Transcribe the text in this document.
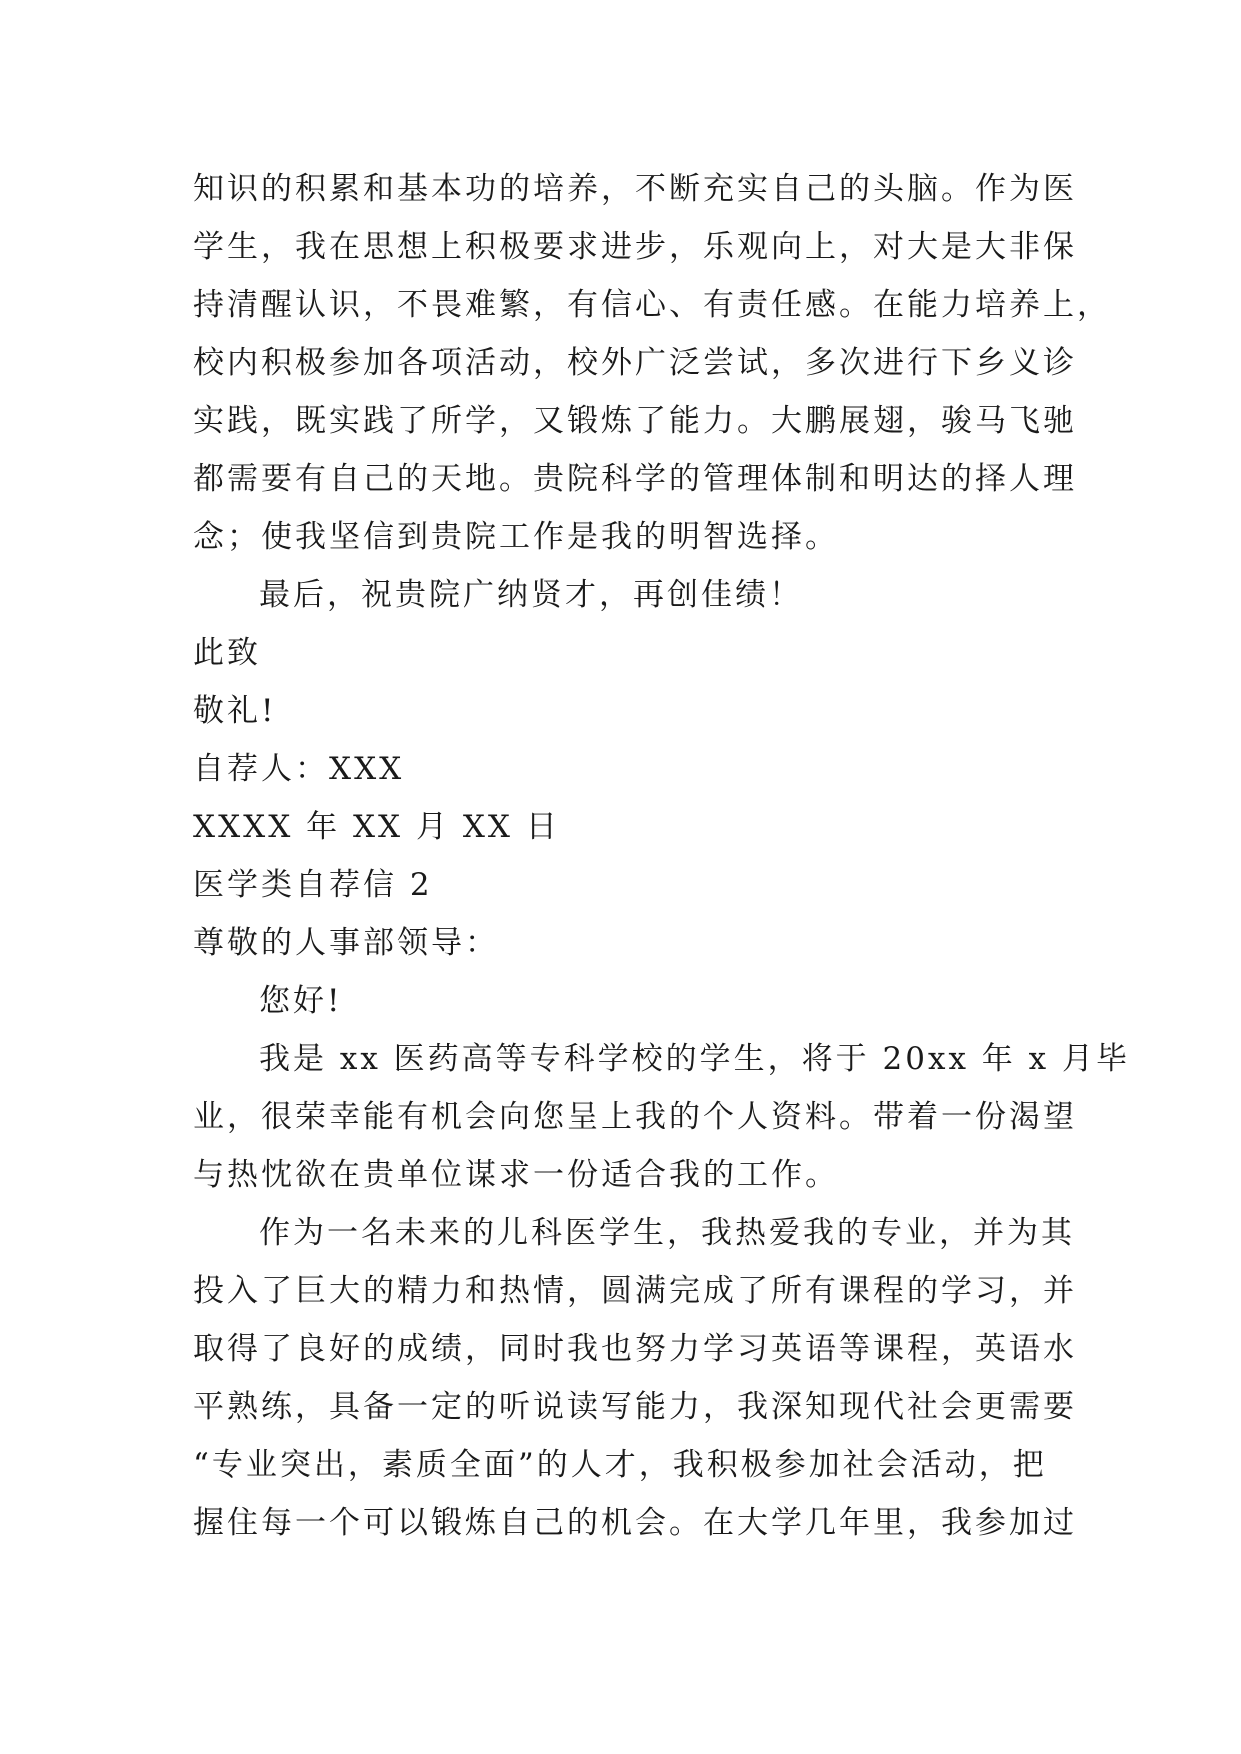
知识的积累和基本功的培养，不断充实自己的头脑。作为医
学生，我在思想上积极要求进步，乐观向上，对大是大非保
持清醒认识，不畏难繁，有信心、有责任感。在能力培养上，
校内积极参加各项活动，校外广泛尝试，多次进行下乡义诊
实践，既实践了所学，又锻炼了能力。大鹏展翅，骏马飞驰
都需要有自己的天地。贵院科学的管理体制和明达的择人理
念；使我坚信到贵院工作是我的明智选择。
最后，祝贵院广纳贤才，再创佳绩！
此致
敬礼!
自荐人：XXX
XXXX 年 XX 月 XX 日
医学类自荐信 2
尊敬的人事部领导：
您好!
我是 xx 医药高等专科学校的学生，将于 20xx 年 x 月毕
业，很荣幸能有机会向您呈上我的个人资料。带着一份渴望
与热忱欲在贵单位谋求一份适合我的工作。
作为一名未来的儿科医学生，我热爱我的专业，并为其
投入了巨大的精力和热情，圆满完成了所有课程的学习，并
取得了良好的成绩，同时我也努力学习英语等课程，英语水
平熟练，具备一定的听说读写能力，我深知现代社会更需要
“专业突出，素质全面”的人才，我积极参加社会活动，把
握住每一个可以锻炼自己的机会。在大学几年里，我参加过
